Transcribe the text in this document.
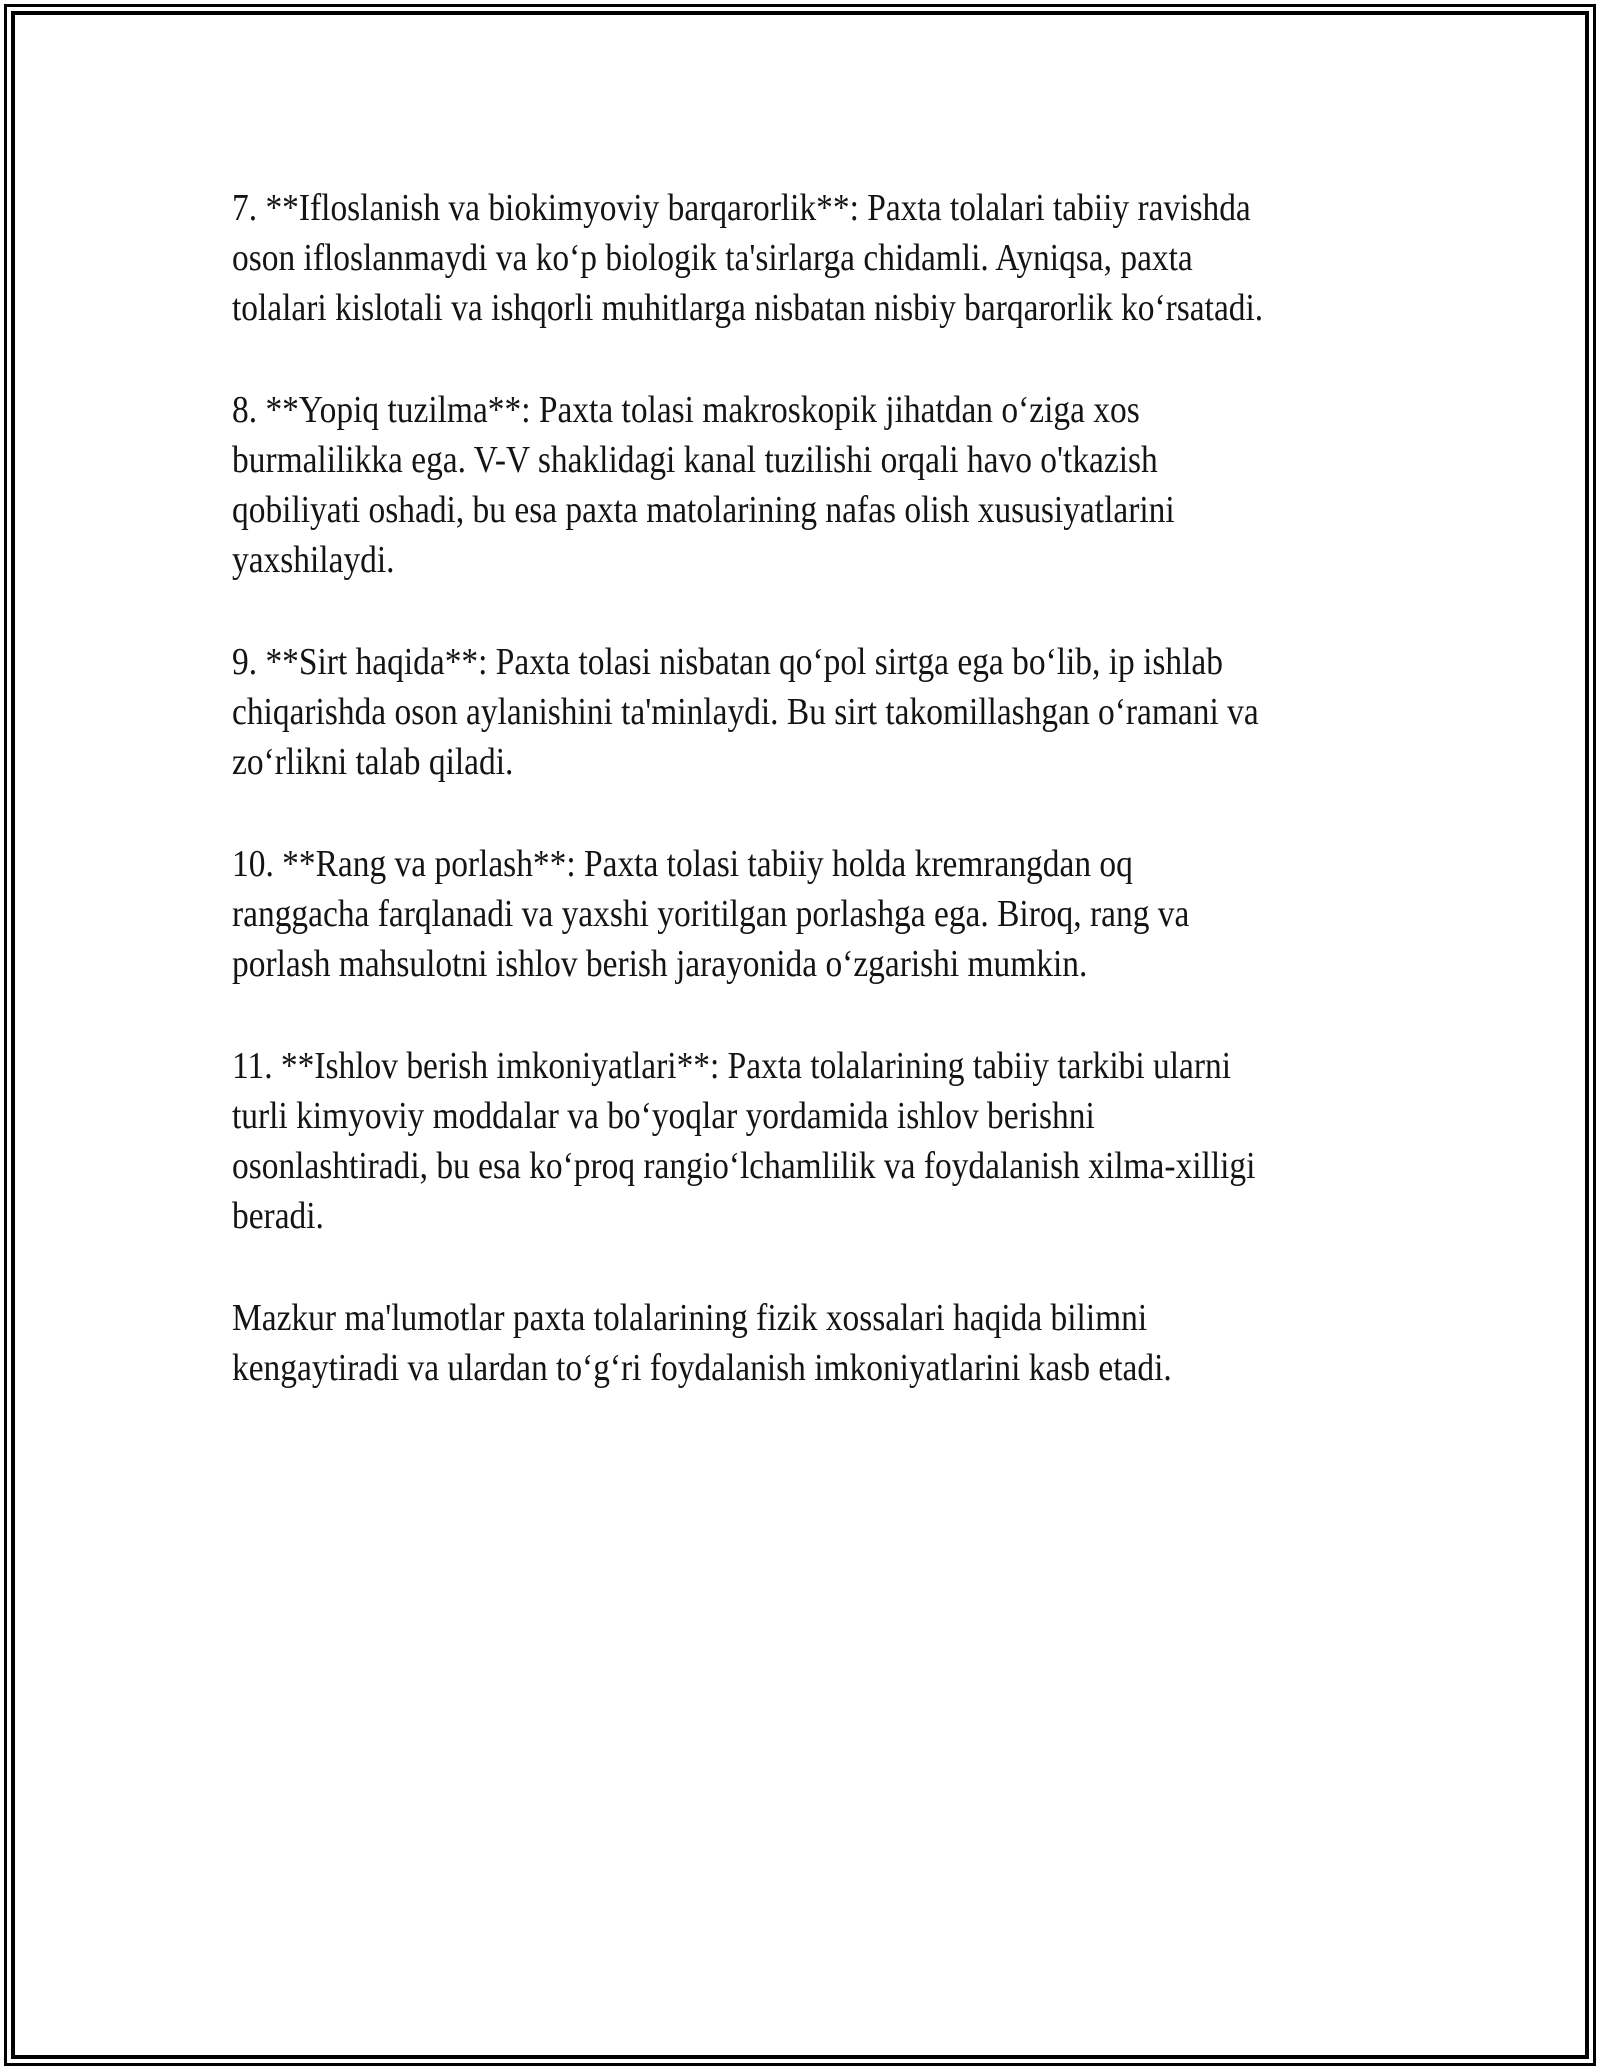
7. **Ifloslanish va biokimyoviy barqarorlik**: Paxta tolalari tabiiy ravishda
oson ifloslanmaydi va ko‘p biologik ta'sirlarga chidamli. Ayniqsa, paxta
tolalari kislotali va ishqorli muhitlarga nisbatan nisbiy barqarorlik ko‘rsatadi.
8. **Yopiq tuzilma**: Paxta tolasi makroskopik jihatdan o‘ziga xos
burmalilikka ega. V-V shaklidagi kanal tuzilishi orqali havo o'tkazish
qobiliyati oshadi, bu esa paxta matolarining nafas olish xususiyatlarini
yaxshilaydi.
9. **Sirt haqida**: Paxta tolasi nisbatan qo‘pol sirtga ega bo‘lib, ip ishlab
chiqarishda oson aylanishini ta'minlaydi. Bu sirt takomillashgan o‘ramani va
zo‘rlikni talab qiladi.
10. **Rang va porlash**: Paxta tolasi tabiiy holda kremrangdan oq
ranggacha farqlanadi va yaxshi yoritilgan porlashga ega. Biroq, rang va
porlash mahsulotni ishlov berish jarayonida o‘zgarishi mumkin.
11. **Ishlov berish imkoniyatlari**: Paxta tolalarining tabiiy tarkibi ularni
turli kimyoviy moddalar va bo‘yoqlar yordamida ishlov berishni
osonlashtiradi, bu esa ko‘proq rangio‘lchamlilik va foydalanish xilma-xilligi
beradi.
Mazkur ma'lumotlar paxta tolalarining fizik xossalari haqida bilimni
kengaytiradi va ulardan to‘g‘ri foydalanish imkoniyatlarini kasb etadi.
